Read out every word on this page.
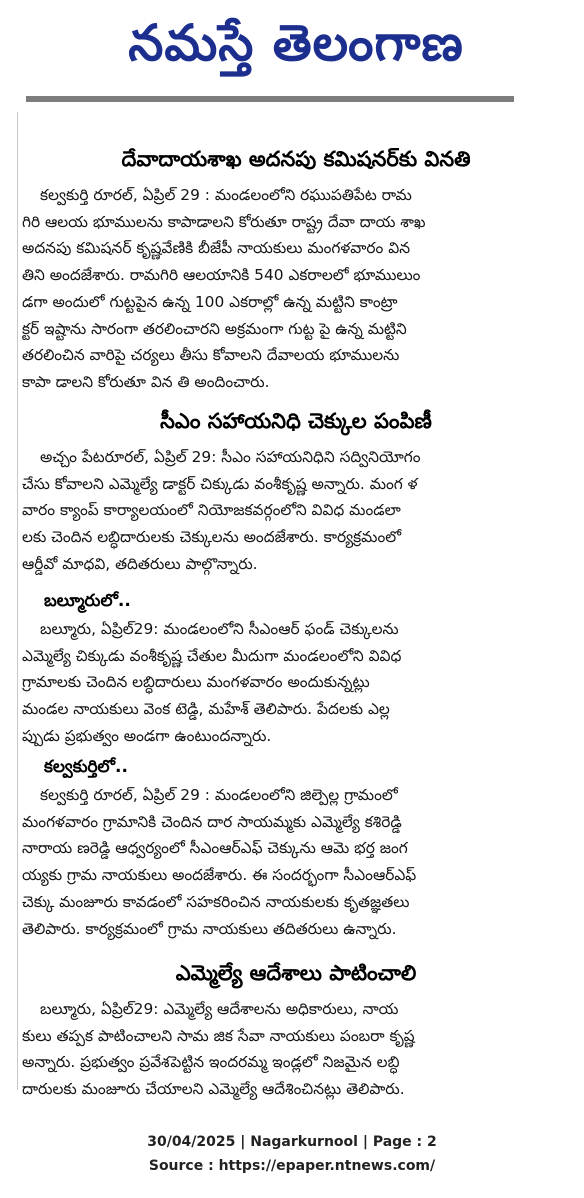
నమస్తే తెలంగాణ
దేవాదాయశాఖ అదనపు కమిషనర్‌కు వినతి
కల్వకుర్తి రూరల్‌, ఏప్రిల్‌ 29 : మండలంలోని రఘుపతిపేట రామ
గిరి ఆలయ భూములను కాపాడాలని కోరుతూ రాష్ట్ర దేవా దాయ శాఖ
అదనపు కమిషనర్‌ కృష్ణవేణికి బీజేపీ నాయకులు మంగళవారం విన
తిని అందజేశారు. రామగిరి ఆలయానికి 540 ఎకరాలలో భూములుం
డగా అందులో గుట్టపైన ఉన్న 100 ఎకరాల్లో ఉన్న మట్టిని కాంట్రా
క్టర్‌ ఇష్టాను సారంగా తరలించారని అక్రమంగా గుట్ట పై ఉన్న మట్టిని
తరలించిన వారిపై చర్యలు తీసు కోవాలని దేవాలయ భూములను
కాపా డాలని కోరుతూ విన తి అందించారు.
సీఎం సహాయనిధి చెక్కుల పంపిణీ
అచ్చం పేటరూరల్‌, ఏప్రిల్‌ 29: సీఎం సహాయనిధిని సద్వినియోగం
చేసు కోవాలని ఎమ్మెల్యే డాక్టర్‌ చిక్కుడు వంశీకృష్ణ అన్నారు. మంగ ళ
వారం క్యాంప్‌ కార్యాలయంలో నియోజకవర్గంలోని వివిధ మండలా
లకు చెందిన లబ్ధిదారులకు చెక్కులను అందజేశారు. కార్యక్రమంలో
ఆర్డీవో మాధవి, తదితరులు పాల్గొన్నారు.
బల్మూరులో..
బల్మూరు, ఏప్రిల్‌29: మండలంలోని సీఎంఆర్‌ ఫండ్‌ చెక్కులను
ఎమ్మెల్యే చిక్కుడు వంశీకృష్ణ చేతుల మీదుగా మండలంలోని వివిధ
గ్రామాలకు చెందిన లబ్ధిదారులు మంగళవారం అందుకున్నట్లు
మండల నాయకులు వెంక టెడ్డి, మహేశ్‌ తెలిపారు. పేదలకు ఎల్ల
ప్పుడు ప్రభుత్వం అండగా ఉంటుందన్నారు.
కల్వకుర్తిలో..
కల్వకుర్తి రూరల్‌, ఏప్రిల్‌ 29 : మండలంలోని జిల్పెల్ల గ్రామంలో
మంగళవారం గ్రామానికి చెందిన దార సాయమ్మకు ఎమ్మెల్యే కశిరెడ్డి
నారాయ ణరెడ్డి ఆధ్వర్యంలో సీఎంఆర్‌ఎఫ్‌ చెక్కును ఆమె భర్త జంగ
య్యకు గ్రామ నాయకులు అందజేశారు. ఈ సందర్భంగా సీఎంఆర్‌ఎఫ్‌
చెక్కు మంజూరు కావడంలో సహకరించిన నాయకులకు కృతజ్ఞతలు
తెలిపారు. కార్యక్రమంలో గ్రామ నాయకులు తదితరులు ఉన్నారు.
ఎమ్మెల్యే ఆదేశాలు పాటించాలి
బల్మూరు, ఏప్రిల్‌29: ఎమ్మెల్యే ఆదేశాలను అధికారులు, నాయ
కులు తప్పక పాటించాలని సామ జిక సేవా నాయకులు పంబరా కృష్ణ
అన్నారు. ప్రభుత్వం ప్రవేశపెట్టిన ఇందరమ్మ ఇండ్లలో నిజమైన లబ్ధి
దారులకు మంజూరు చేయాలని ఎమ్మెల్యే ఆదేశించినట్లు తెలిపారు.
30/04/2025 | Nagarkurnool | Page : 2
Source : https://epaper.ntnews.com/
